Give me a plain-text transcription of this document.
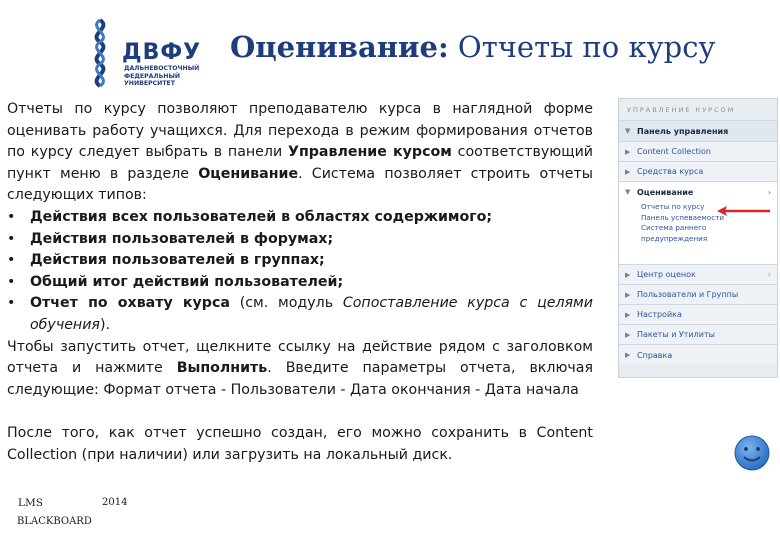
ДВФУ
ДАЛЬНЕВОСТОЧНЫЙ
ФЕДЕРАЛЬНЫЙ
УНИВЕРСИТЕТ
Оценивание: Отчеты по курсу

Отчеты по курсу позволяют преподавателю курса в наглядной форме оценивать работу учащихся. Для перехода в режим формирования отчетов по курсу следует выбрать в панели Управление курсом соответствующий пункт меню в разделе Оценивание. Система позволяет строить отчеты следующих типов:

• Действия всех пользователей в областях содержимого;
• Действия пользователей в форумах;
• Действия пользователей в группах;
• Общий итог действий пользователей;
• Отчет по охвату курса (см. модуль Сопоставление курса с целями обучения).

Чтобы запустить отчет, щелкните ссылку на действие рядом с заголовком отчета и нажмите Выполнить. Введите параметры отчета, включая следующие: Формат отчета - Пользователи - Дата окончания - Дата начала

После того, как отчет успешно создан, его можно сохранить в Content Collection (при наличии) или загрузить на локальный диск.

УПРАВЛЕНИЕ КУРСОМ
▼ Панель управления
▶ Content Collection
▶ Средства курса
▼ Оценивание	›
Отчеты по курсу
Панель успеваемости
Система раннего предупреждения
▶ Центр оценок	›
▶ Пользователи и Группы
▶ Настройка
▶ Пакеты и Утилиты
▶ Справка
LMS	2014
BLACKBOARD
